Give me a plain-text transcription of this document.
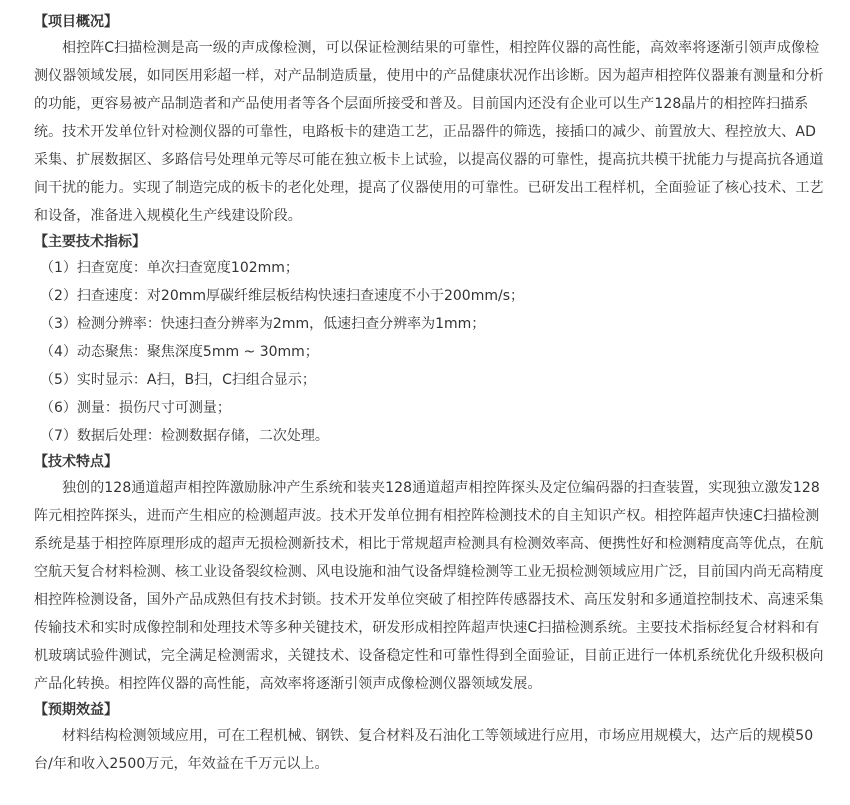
【项目概况】

相控阵C扫描检测是高一级的声成像检测，可以保证检测结果的可靠性，相控阵仪器的高性能，高效率将逐渐引领声成像检
测仪器领域发展，如同医用彩超一样，对产品制造质量，使用中的产品健康状况作出诊断。因为超声相控阵仪器兼有测量和分析
的功能，更容易被产品制造者和产品使用者等各个层面所接受和普及。目前国内还没有企业可以生产128晶片的相控阵扫描系
统。技术开发单位针对检测仪器的可靠性，电路板卡的建造工艺，正品器件的筛选，接插口的减少、前置放大、程控放大、AD
采集、扩展数据区、多路信号处理单元等尽可能在独立板卡上试验，以提高仪器的可靠性，提高抗共模干扰能力与提高抗各通道
间干扰的能力。实现了制造完成的板卡的老化处理，提高了仪器使用的可靠性。已研发出工程样机，全面验证了核心技术、工艺
和设备，准备进入规模化生产线建设阶段。

【主要技术指标】
（1）扫查宽度：单次扫查宽度102mm；
（2）扫查速度：对20mm厚碳纤维层板结构快速扫查速度不小于200mm/s；
（3）检测分辨率：快速扫查分辨率为2mm，低速扫查分辨率为1mm；
（4）动态聚焦：聚焦深度5mm ~ 30mm；
（5）实时显示：A扫，B扫，C扫组合显示；
（6）测量：损伤尺寸可测量；
（7）数据后处理：检测数据存储，二次处理。
【技术特点】

独创的128通道超声相控阵激励脉冲产生系统和装夹128通道超声相控阵探头及定位编码器的扫查装置，实现独立激发128
阵元相控阵探头，进而产生相应的检测超声波。技术开发单位拥有相控阵检测技术的自主知识产权。相控阵超声快速C扫描检测
系统是基于相控阵原理形成的超声无损检测新技术，相比于常规超声检测具有检测效率高、便携性好和检测精度高等优点，在航
空航天复合材料检测、核工业设备裂纹检测、风电设施和油气设备焊缝检测等工业无损检测领域应用广泛，目前国内尚无高精度
相控阵检测设备，国外产品成熟但有技术封锁。技术开发单位突破了相控阵传感器技术、高压发射和多通道控制技术、高速采集
传输技术和实时成像控制和处理技术等多种关键技术，研发形成相控阵超声快速C扫描检测系统。主要技术指标经复合材料和有
机玻璃试验件测试，完全满足检测需求，关键技术、设备稳定性和可靠性得到全面验证，目前正进行一体机系统优化升级积极向
产品化转换。相控阵仪器的高性能，高效率将逐渐引领声成像检测仪器领域发展。

【预期效益】

材料结构检测领域应用，可在工程机械、钢铁、复合材料及石油化工等领域进行应用，市场应用规模大，达产后的规模50
台/年和收入2500万元，年效益在千万元以上。
